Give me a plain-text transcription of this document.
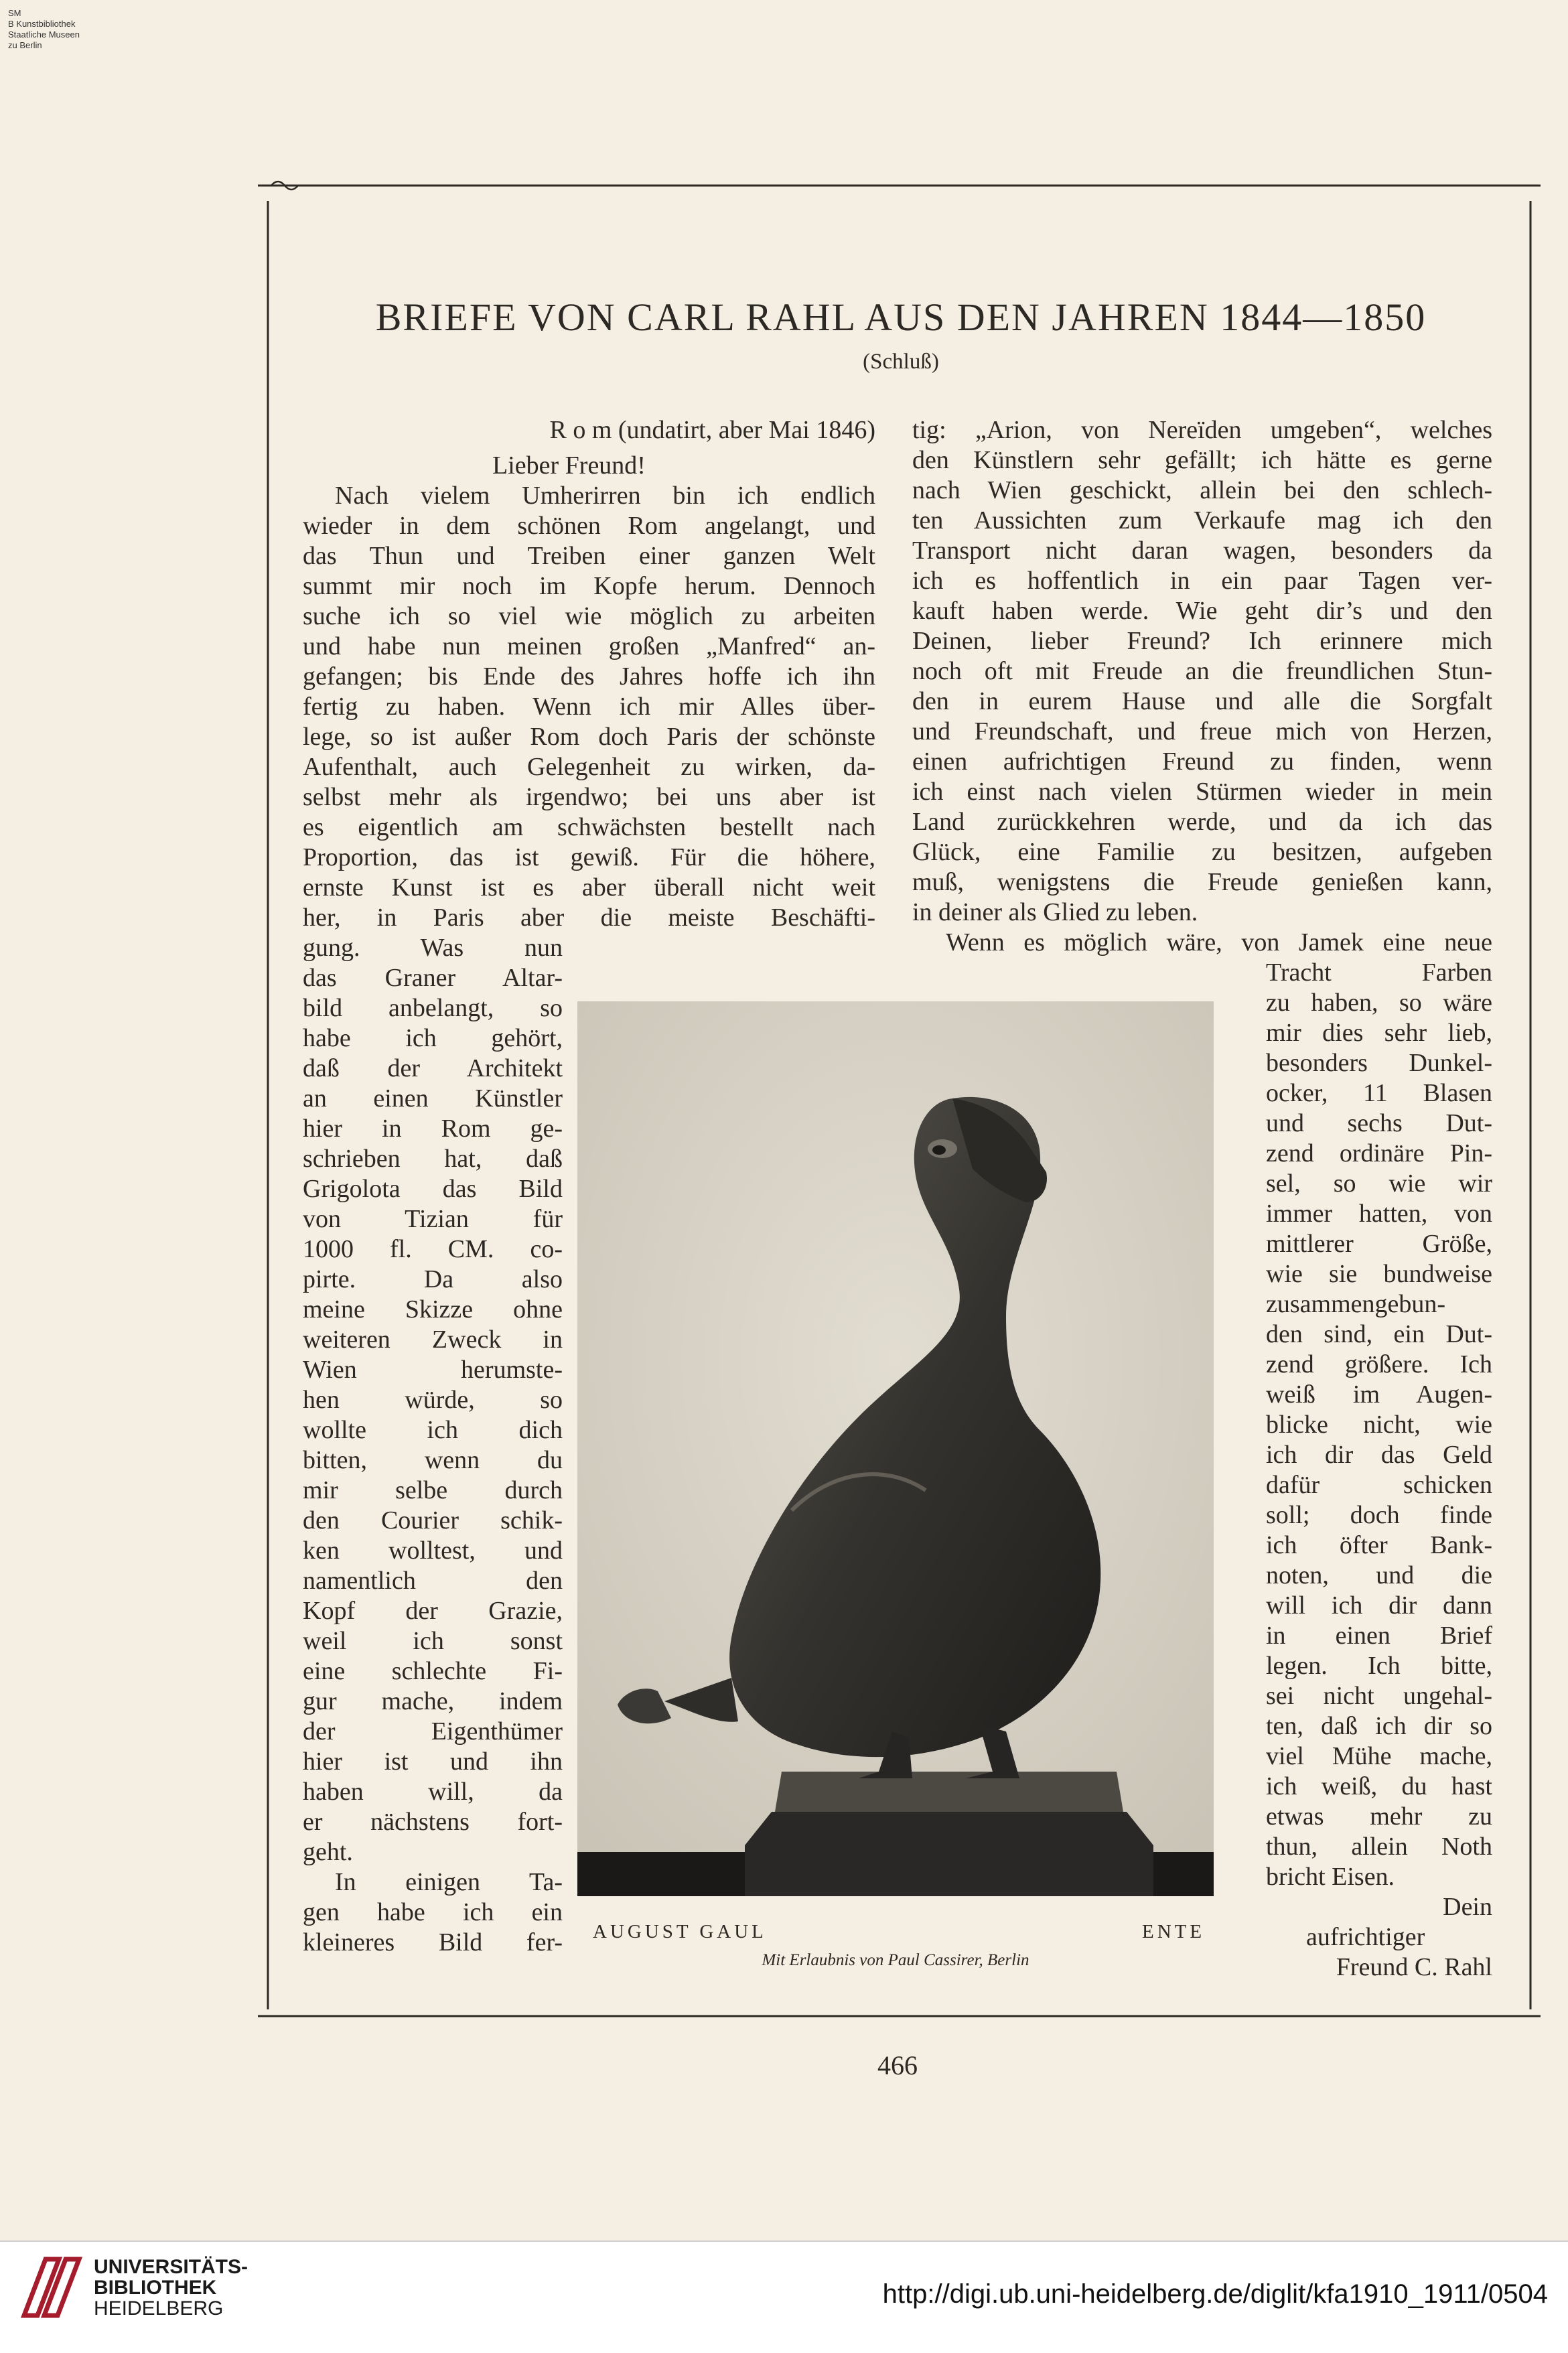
SM
B Kunstbibliothek
Staatliche Museen
zu Berlin
BRIEFE VON CARL RAHL AUS DEN JAHREN 1844—1850
(Schluß)
R o m (undatirt, aber Mai 1846)
Lieber Freund!
Nach vielem Umherirren bin ich endlich
wieder in dem schönen Rom angelangt, und
das Thun und Treiben einer ganzen Welt
summt mir noch im Kopfe herum. Dennoch
suche ich so viel wie möglich zu arbeiten
und habe nun meinen großen „Manfred“ an-
gefangen; bis Ende des Jahres hoffe ich ihn
fertig zu haben. Wenn ich mir Alles über-
lege, so ist außer Rom doch Paris der schönste
Aufenthalt, auch Gelegenheit zu wirken, da-
selbst mehr als irgendwo; bei uns aber ist
es eigentlich am schwächsten bestellt nach
Proportion, das ist gewiß. Für die höhere,
ernste Kunst ist es aber überall nicht weit
her, in Paris aber die meiste Beschäfti-
gung. Was nun
das Graner Altar-
bild anbelangt, so
habe ich gehört,
daß der Architekt
an einen Künstler
hier in Rom ge-
schrieben hat, daß
Grigolota das Bild
von Tizian für
1000 fl. CM. co-
pirte. Da also
meine Skizze ohne
weiteren Zweck in
Wien herumste-
hen würde, so
wollte ich dich
bitten, wenn du
mir selbe durch
den Courier schik-
ken wolltest, und
namentlich den
Kopf der Grazie,
weil ich sonst
eine schlechte Fi-
gur mache, indem
der Eigenthümer
hier ist und ihn
haben will, da
er nächstens fort-
geht.
In einigen Ta-
gen habe ich ein
kleineres Bild fer-
tig: „Arion, von Nereïden umgeben“, welches
den Künstlern sehr gefällt; ich hätte es gerne
nach Wien geschickt, allein bei den schlech-
ten Aussichten zum Verkaufe mag ich den
Transport nicht daran wagen, besonders da
ich es hoffentlich in ein paar Tagen ver-
kauft haben werde. Wie geht dir’s und den
Deinen, lieber Freund? Ich erinnere mich
noch oft mit Freude an die freundlichen Stun-
den in eurem Hause und alle die Sorgfalt
und Freundschaft, und freue mich von Herzen,
einen aufrichtigen Freund zu finden, wenn
ich einst nach vielen Stürmen wieder in mein
Land zurückkehren werde, und da ich das
Glück, eine Familie zu besitzen, aufgeben
muß, wenigstens die Freude genießen kann,
in deiner als Glied zu leben.
Wenn es möglich wäre, von Jamek eine neue
Tracht Farben
zu haben, so wäre
mir dies sehr lieb,
besonders Dunkel-
ocker, 11 Blasen
und sechs Dut-
zend ordinäre Pin-
sel, so wie wir
immer hatten, von
mittlerer Größe,
wie sie bundweise
zusammengebun-
den sind, ein Dut-
zend größere. Ich
weiß im Augen-
blicke nicht, wie
ich dir das Geld
dafür schicken
soll; doch finde
ich öfter Bank-
noten, und die
will ich dir dann
in einen Brief
legen. Ich bitte,
sei nicht ungehal-
ten, daß ich dir so
viel Mühe mache,
ich weiß, du hast
etwas mehr zu
thun, allein Noth
bricht Eisen.
Dein
aufrichtiger
Freund C. Rahl
AUGUST GAUL	ENTE
Mit Erlaubnis von Paul Cassirer, Berlin
466
UNIVERSITÄTS-
BIBLIOTHEK
HEIDELBERG	http://digi.ub.uni-heidelberg.de/diglit/kfa1910_1911/0504
